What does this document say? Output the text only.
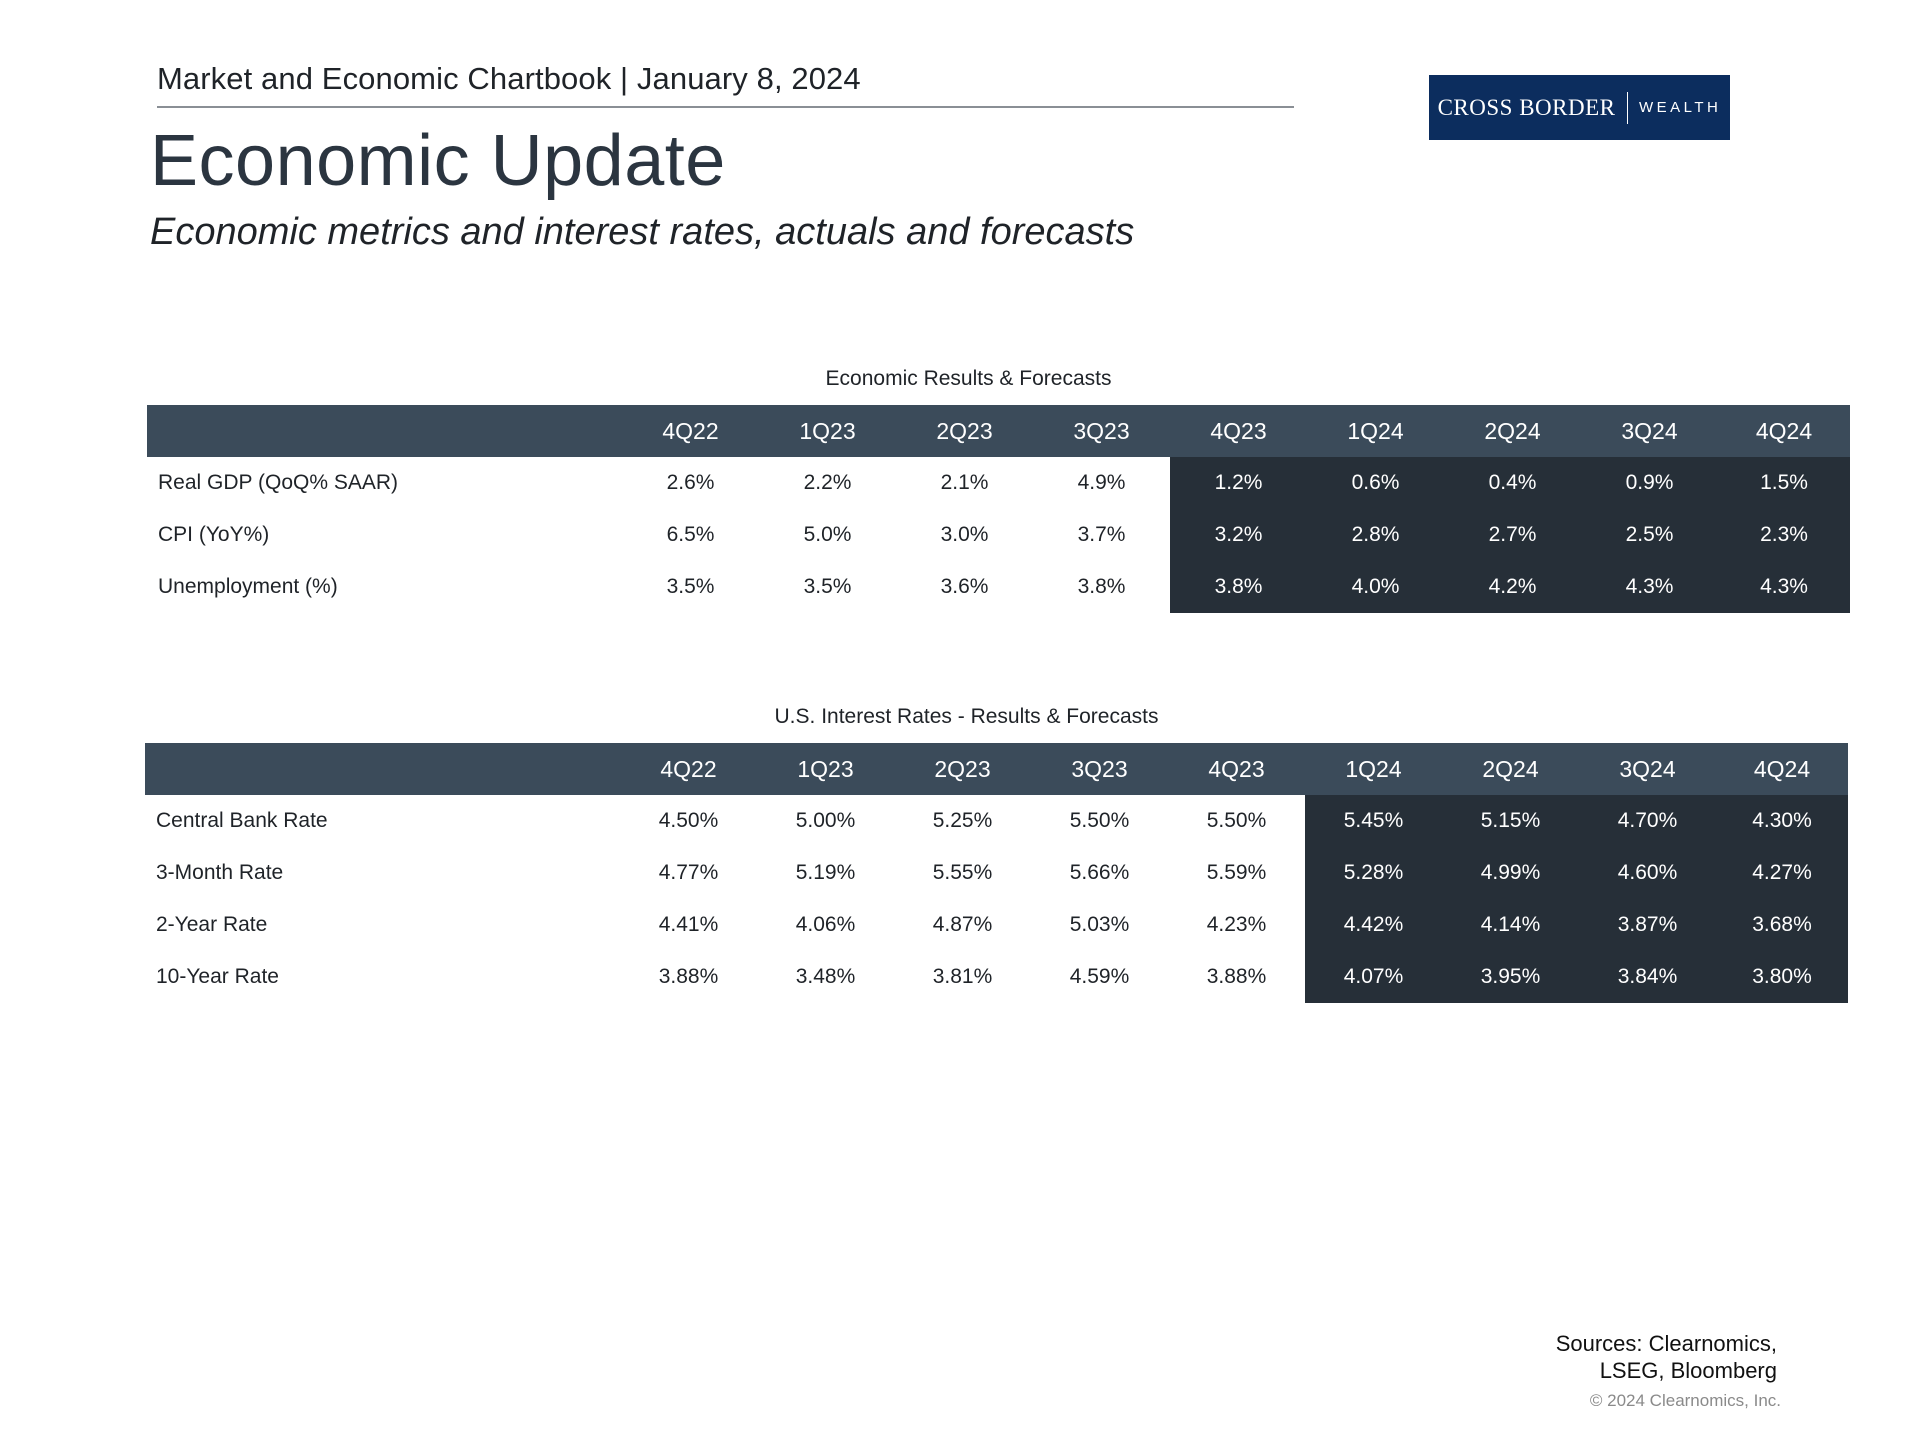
Market and Economic Chartbook | January 8, 2024
CROSS BORDER WEALTH
Economic Update
Economic metrics and interest rates, actuals and forecasts
Economic Results & Forecasts
	4Q22	1Q23	2Q23	3Q23	4Q23	1Q24	2Q24	3Q24	4Q24
Real GDP (QoQ% SAAR)	2.6%	2.2%	2.1%	4.9%	1.2%	0.6%	0.4%	0.9%	1.5%
CPI (YoY%)	6.5%	5.0%	3.0%	3.7%	3.2%	2.8%	2.7%	2.5%	2.3%
Unemployment (%)	3.5%	3.5%	3.6%	3.8%	3.8%	4.0%	4.2%	4.3%	4.3%
U.S. Interest Rates - Results & Forecasts
	4Q22	1Q23	2Q23	3Q23	4Q23	1Q24	2Q24	3Q24	4Q24
Central Bank Rate	4.50%	5.00%	5.25%	5.50%	5.50%	5.45%	5.15%	4.70%	4.30%
3-Month Rate	4.77%	5.19%	5.55%	5.66%	5.59%	5.28%	4.99%	4.60%	4.27%
2-Year Rate	4.41%	4.06%	4.87%	5.03%	4.23%	4.42%	4.14%	3.87%	3.68%
10-Year Rate	3.88%	3.48%	3.81%	4.59%	3.88%	4.07%	3.95%	3.84%	3.80%
Sources: Clearnomics,
LSEG, Bloomberg
© 2024 Clearnomics, Inc.
